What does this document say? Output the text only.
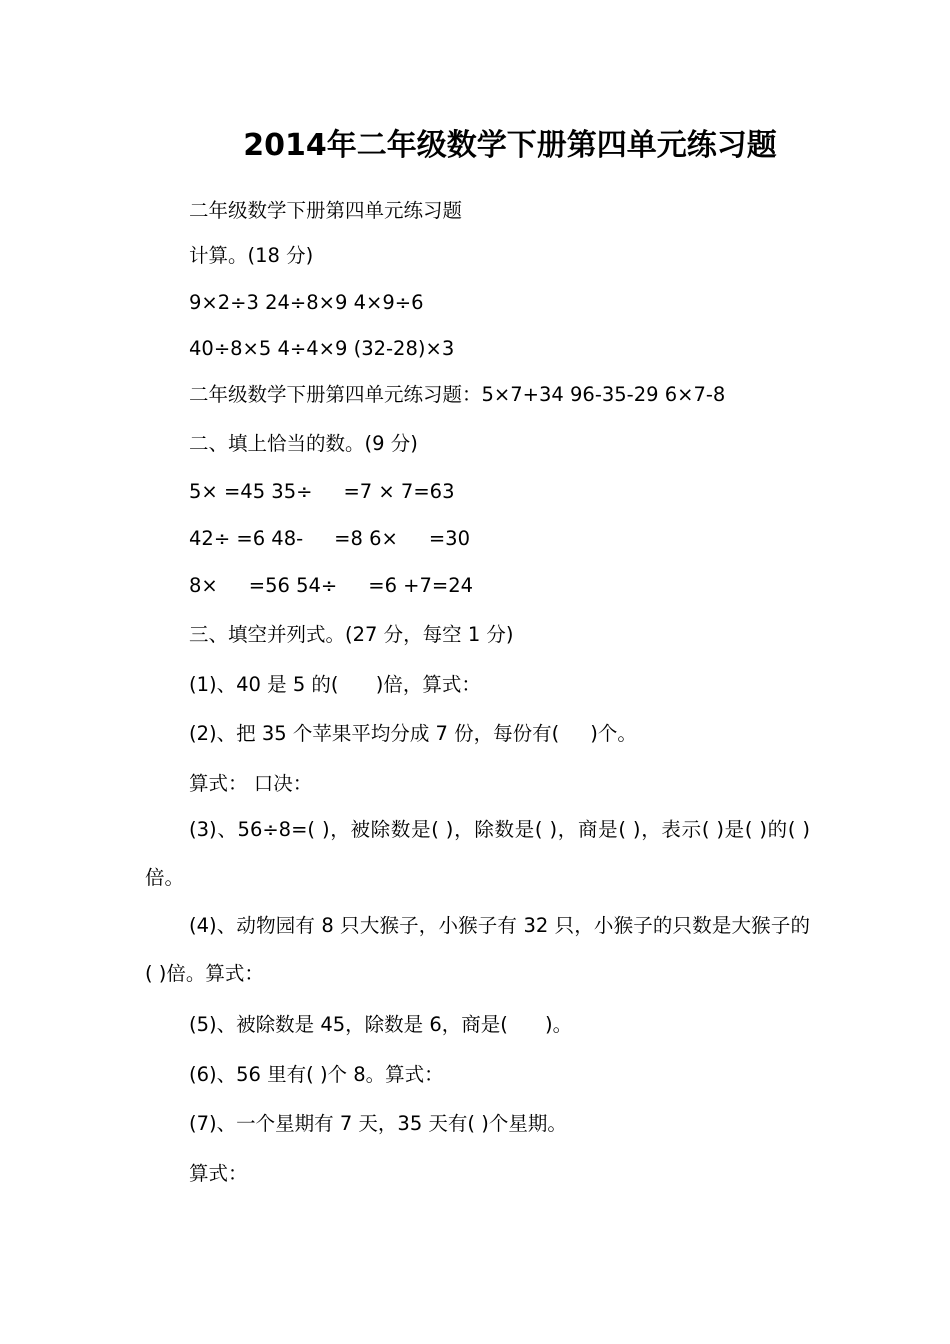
2014年二年级数学下册第四单元练习题
二年级数学下册第四单元练习题
计算。(18 分)
9×2÷3 24÷8×9 4×9÷6
40÷8×5 4÷4×9 (32-28)×3
二年级数学下册第四单元练习题：5×7+34 96-35-29 6×7-8
二、填上恰当的数。(9 分)
5× =45 35÷     =7 × 7=63
42÷ =6 48-     =8 6×     =30
8×     =56 54÷     =6 +7=24
三、填空并列式。(27 分，每空 1 分)
(1)、40 是 5 的(      )倍，算式：
(2)、把 35 个苹果平均分成 7 份，每份有(     )个。
算式： 口决：
(3)、56÷8=( )，被除数是( )，除数是( )，商是( )，表示( )是( )的( )倍。
(4)、动物园有 8 只大猴子，小猴子有 32 只，小猴子的只数是大猴子的( )倍。算式：
(5)、被除数是 45，除数是 6，商是(      )。
(6)、56 里有( )个 8。算式：
(7)、一个星期有 7 天，35 天有( )个星期。
算式：
